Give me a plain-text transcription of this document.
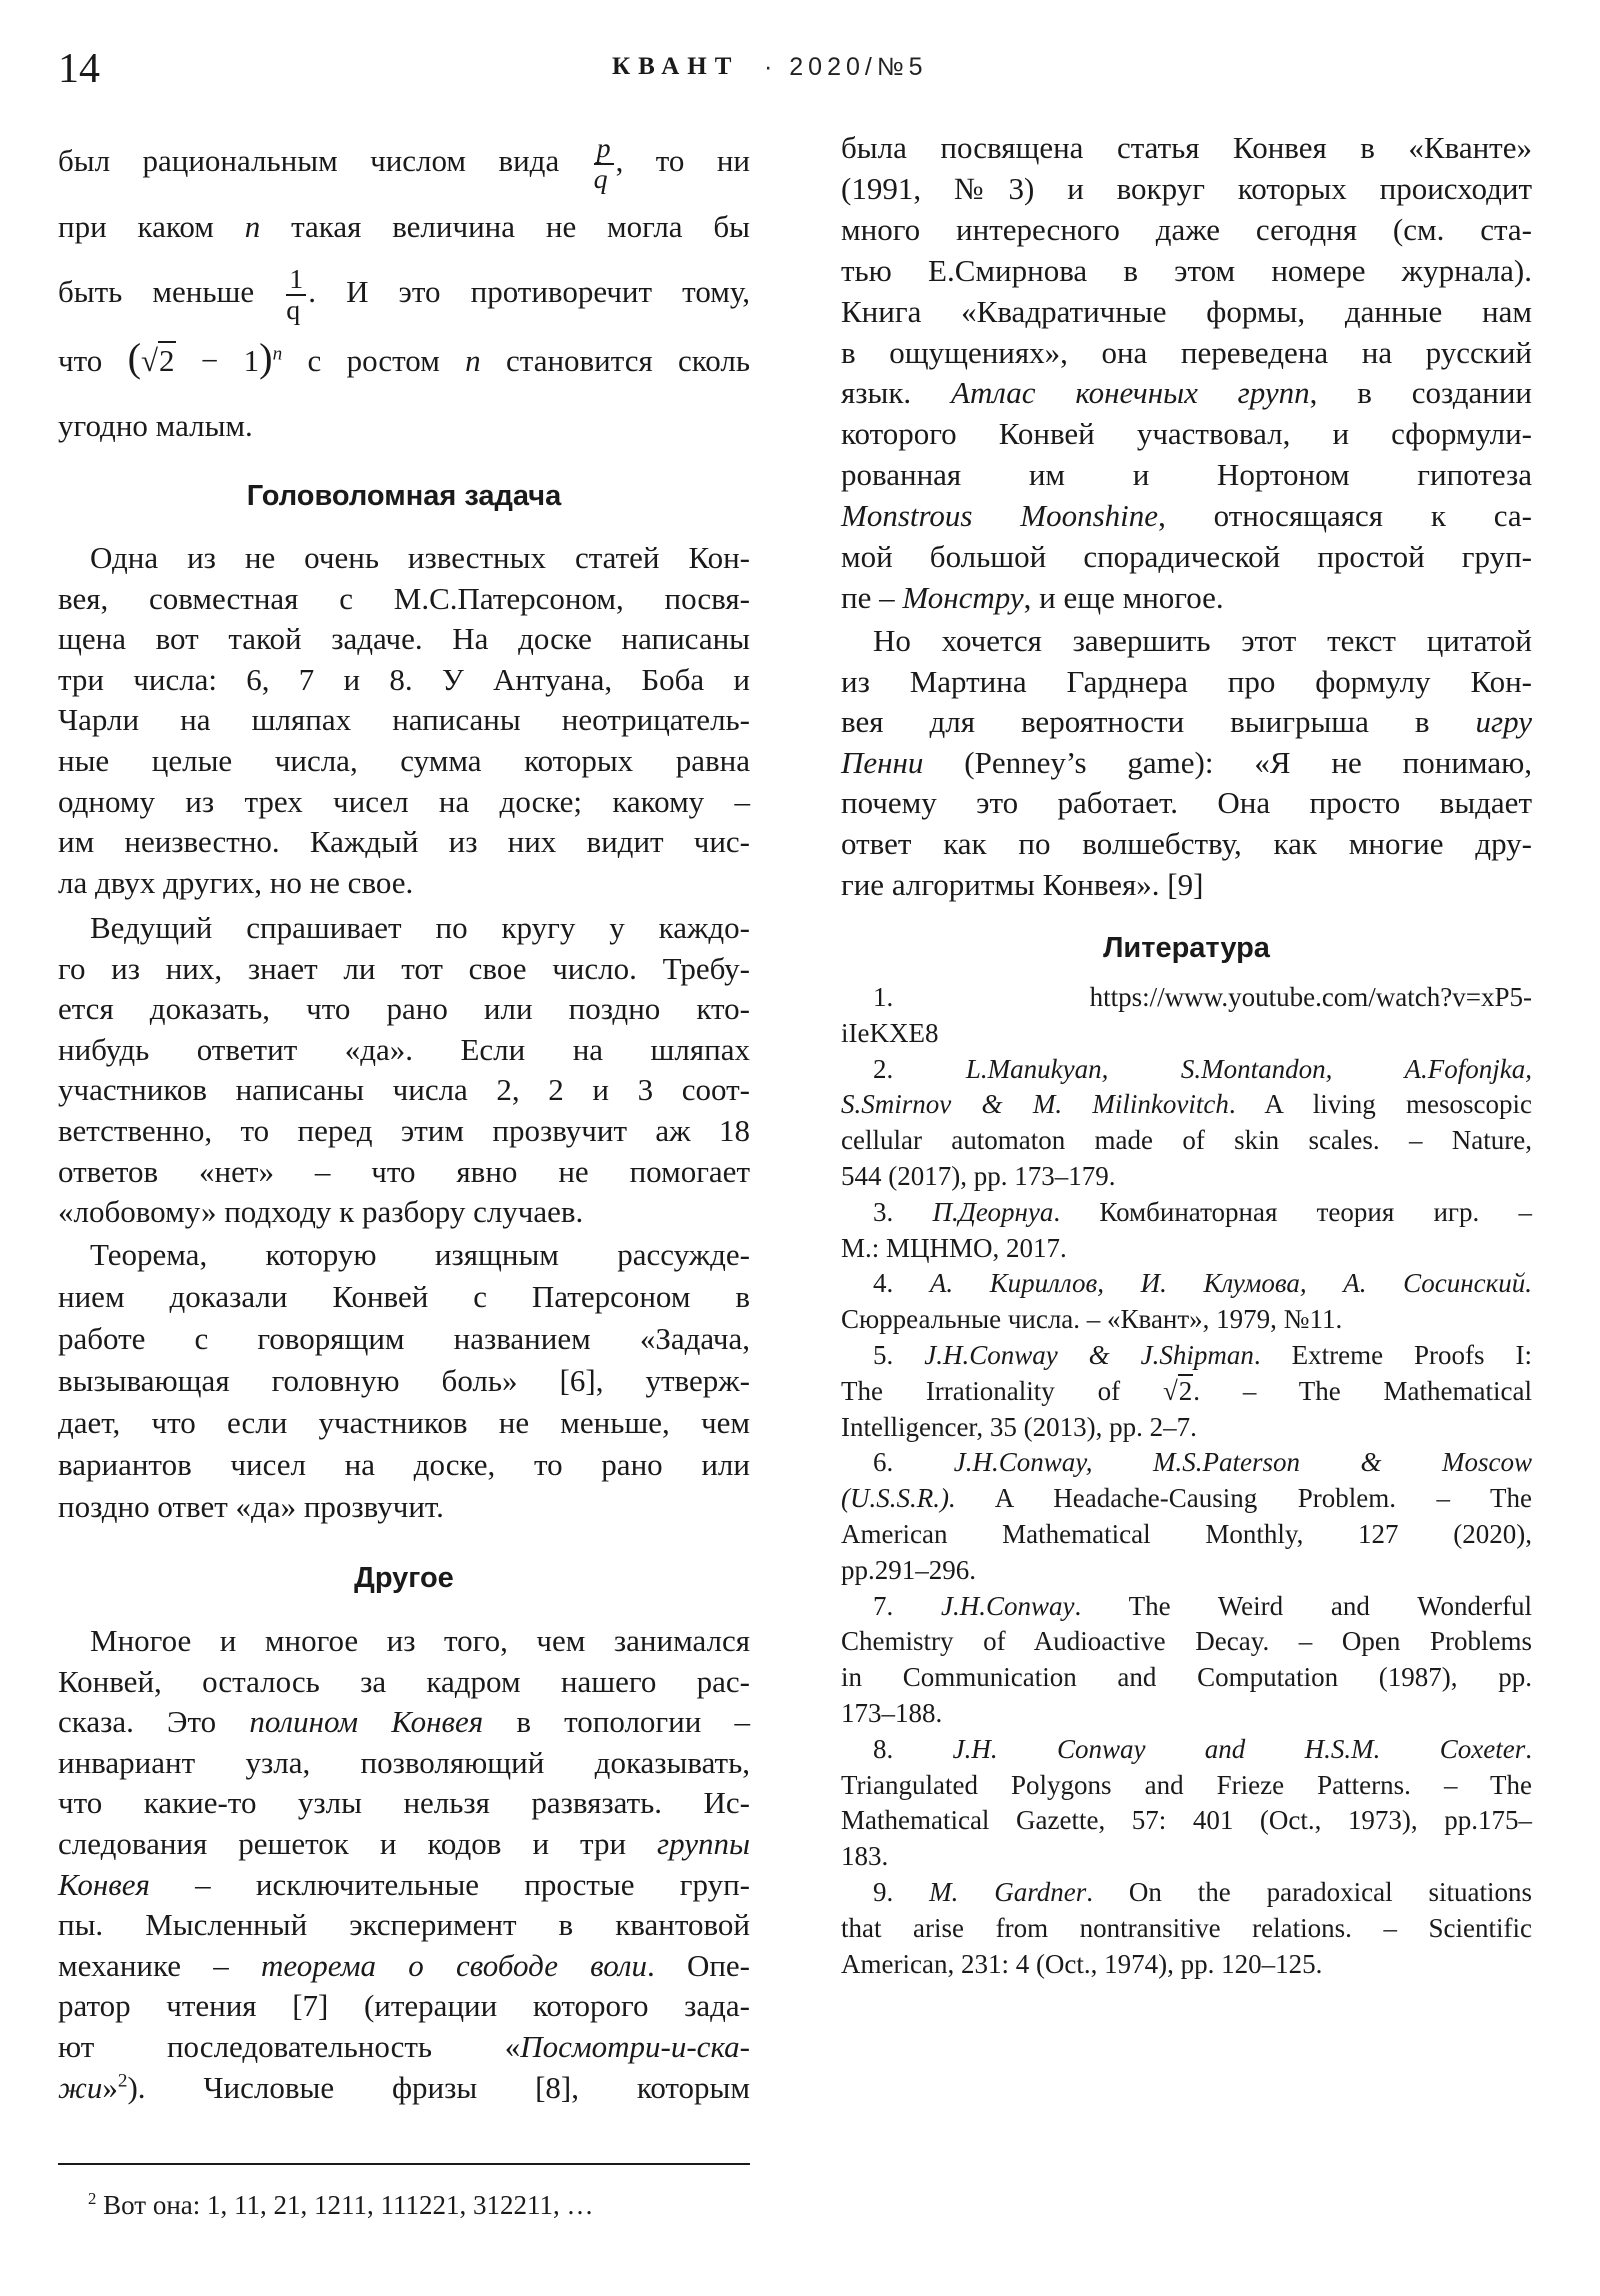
14	КВАНТ · 2020/№5
Головоломная задача
Другое
Литература
$^2$ Вот она: 1, 11, 21, 1211, 111221, 312211, …
был рациональным числом вида $\frac{p}{q}$ , то ни
при каком n такая величина не могла бы
быть меньше $\frac{1}{q}$ . И это противоречит тому,
что ( √ 2 − 1)$^n$ с ростом n становится сколь
угодно малым.
Одна из не очень известных статей Кон-
вея, совместная с М.С.Патерсоном, посвя-
щена вот такой задаче. На доске написаны
три числа: 6, 7 и 8. У Антуана, Боба и
Чарли на шляпах написаны неотрицатель-
ные целые числа, сумма которых равна
одному из трех чисел на доске; какому –
им неизвестно. Каждый из них видит чис-
ла двух других, но не свое.
Ведущий спрашивает по кругу у каждо-
го из них, знает ли тот свое число. Требу-
ется доказать, что рано или поздно кто-
нибудь ответит «да». Если на шляпах
участников написаны числа 2, 2 и 3 соот-
ветственно, то перед этим прозвучит аж 18
ответов «нет» – что явно не помогает
«лобовому» подходу к разбору случаев.
Теорема, которую изящным рассужде-
нием доказали Конвей с Патерсоном в
работе с говорящим названием «Задача,
вызывающая головную боль» [6], утверж-
дает, что если участников не меньше, чем
вариантов чисел на доске, то рано или
поздно ответ «да» прозвучит.
Многое и многое из того, чем занимался
Конвей, осталось за кадром нашего рас-
сказа. Это полином Конвея в топологии –
инвариант узла, позволяющий доказывать,
что какие-то узлы нельзя развязать. Ис-
следования решеток и кодов и три группы
Конвея – исключительные простые груп-
пы. Мысленный эксперимент в квантовой
механике – теорема о свободе воли. Опе-
ратор чтения [7] (итерации которого зада-
ют последовательность «Посмотри-и-ска-
жи»$^2$). Числовые фризы [8], которым
была посвящена статья Конвея в «Кванте»
(1991, №3) и вокруг которых происходит
много интересного даже сегодня (см. ста-
тью Е.Смирнова в этом номере журнала).
Книга «Квадратичные формы, данные нам
в ощущениях», она переведена на русский
язык. Атлас конечных групп, в создании
которого Конвей участвовал, и сформули-
рованная им и Нортоном гипотеза
Monstrous Moonshine, относящаяся к са-
мой большой спорадической простой груп-
пе – Монстру, и еще многое.
Но хочется завершить этот текст цитатой
из Мартина Гарднера про формулу Кон-
вея для вероятности выигрыша в игру
Пенни (Penney’s game): «Я не понимаю,
почему это работает. Она просто выдает
ответ как по волшебству, как многие дру-
гие алгоритмы Конвея». [9]
1. https://www.youtube.com/watch?v=xP5-
iIeKXE8
2. L.Manukyan, S.Montandon, A.Fofonjka,
S.Smirnov & M. Milinkovitch. A living mesoscopic
cellular automaton made of skin scales. – Nature,
544 (2017), pp. 173–179.
3. П.Деорнуа. Комбинаторная теория игр. –
М.: МЦНМО, 2017.
4. А. Кириллов, И. Клумова, А. Сосинский.
Сюрреальные числа. – «Квант», 1979, №11.
5. J.H.Conway & J.Shipman. Extreme Proofs I:
The Irrationality of √ 2. – The Mathematical
Intelligencer, 35 (2013), pp. 2–7.
6. J.H.Conway, M.S.Paterson & Moscow
(U.S.S.R.). A Headache-Causing Problem. – The
American Mathematical Monthly, 127 (2020),
pp.291–296.
7. J.H.Conway. The Weird and Wonderful
Chemistry of Audioactive Decay. – Open Problems
in Communication and Computation (1987), pp.
173–188.
8. J.H. Conway and H.S.M. Coxeter.
Triangulated Polygons and Frieze Patterns. – The
Mathematical Gazette, 57: 401 (Oct., 1973), pp.175–
183.
9. M. Gardner. On the paradoxical situations
that arise from nontransitive relations. – Scientific
American, 231: 4 (Oct., 1974), pp. 120–125.
